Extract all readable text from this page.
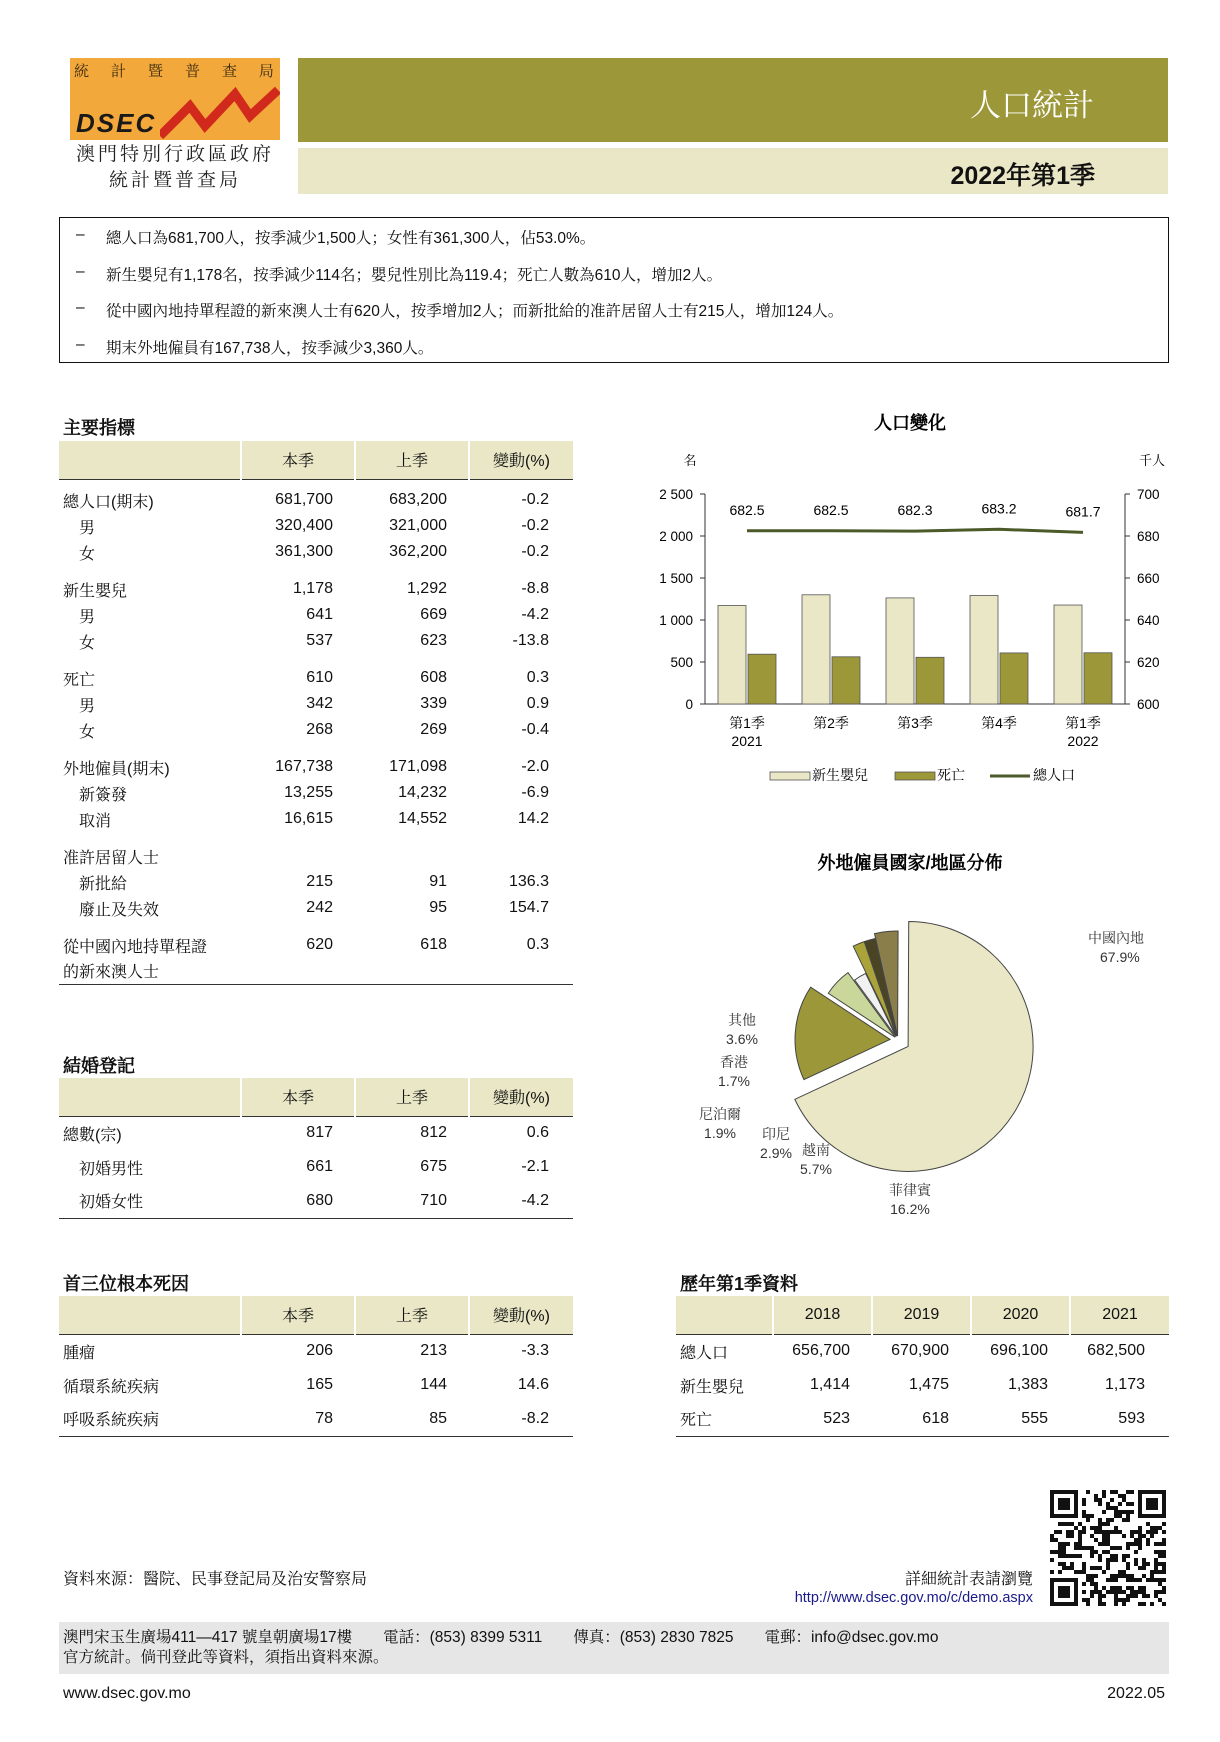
統 計 暨 普 查 局
DSEC
澳門特別行政區政府
統計暨普查局
人口統計
2022年第1季
–	總人口為681,700人，按季減少1,500人；女性有361,300人，佔53.0%。
–	新生嬰兒有1,178名，按季減少114名；嬰兒性別比為119.4；死亡人數為610人，增加2人。
–	從中國內地持單程證的新來澳人士有620人，按季增加2人；而新批給的准許居留人士有215人，增加124人。
–	期末外地僱員有167,738人，按季減少3,360人。
主要指標
	本季	上季	變動(%)

總人口(期末)	681,700	683,200	-0.2
　男	320,400	321,000	-0.2
　女	361,300	362,200	-0.2

新生嬰兒	1,178	1,292	-8.8
　男	641	669	-4.2
　女	537	623	-13.8

死亡	610	608	0.3
　男	342	339	0.9
　女	268	269	-0.4

外地僱員(期末)	167,738	171,098	-2.0
　新簽發	13,255	14,232	-6.9
　取消	16,615	14,552	14.2

准許居留人士			
　新批給	215	91	136.3
　廢止及失效	242	95	154.7

從中國內地持單程證	620	618	0.3
的新來澳人士			
結婚登記
	本季	上季	變動(%)
總數(宗)	817	812	0.6
　初婚男性	661	675	-2.1
　初婚女性	680	710	-4.2
首三位根本死因
	本季	上季	變動(%)
腫瘤	206	213	-3.3
循環系統疾病	165	144	14.6
呼吸系統疾病	78	85	-8.2
歷年第1季資料
	2018	2019	2020	2021
總人口	656,700	670,900	696,100	682,500
新生嬰兒	1,414	1,475	1,383	1,173
死亡	523	618	555	593
人口變化
名	千人
0
500
1 000
1 500
2 000
2 500
600
620
640
660
680
700
第1季
2021
第2季	第3季	第4季	第1季
2022
682.5	682.5	682.3	683.2	681.7
新生嬰兒	死亡	總人口
外地僱員國家/地區分佈
中國內地
67.9%
菲律賓
16.2%
越南
5.7%
印尼
2.9%
尼泊爾
1.9%
香港
1.7%
其他
3.6%
資料來源：醫院、民事登記局及治安警察局	詳細統計表請瀏覽
http://www.dsec.gov.mo/c/demo.aspx
澳門宋玉生廣場411—417 號皇朝廣場17樓　　電話：(853) 8399 5311　　傳真：(853) 2830 7825　　電郵：info@dsec.gov.mo
官方統計。倘刊登此等資料，須指出資料來源。
www.dsec.gov.mo	2022.05
